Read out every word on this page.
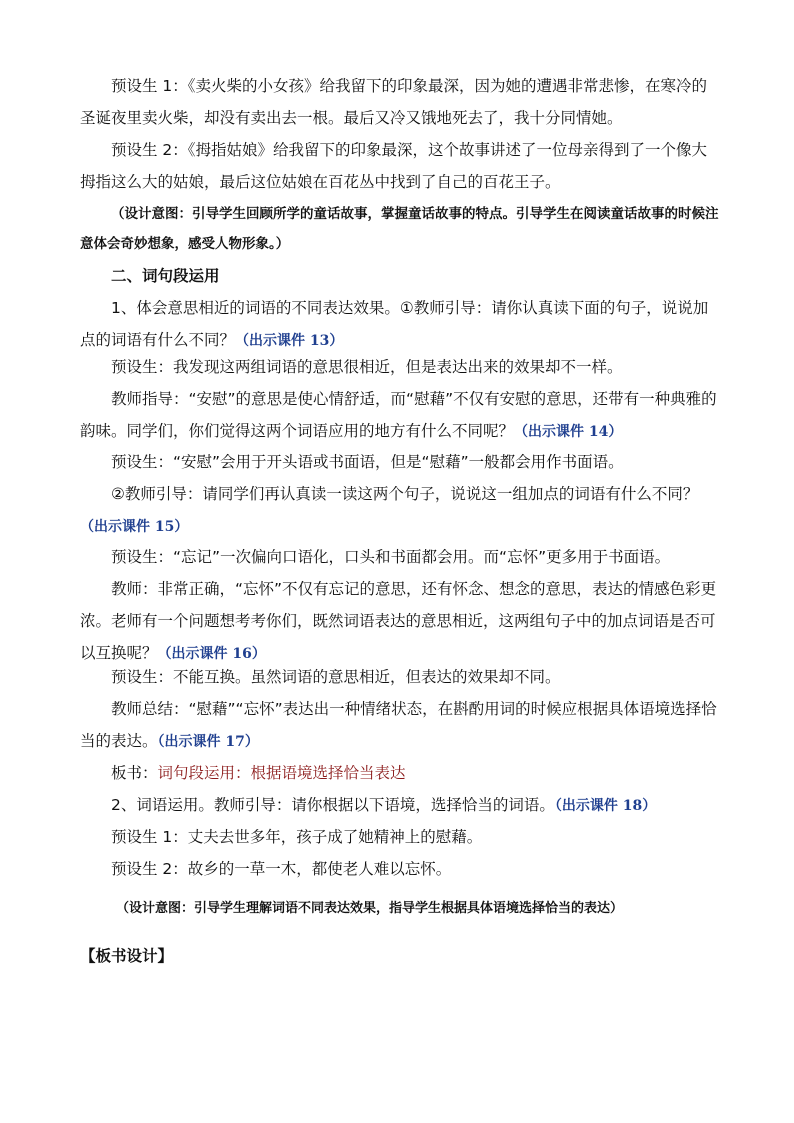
预设生 1：《卖火柴的小女孩》给我留下的印象最深，因为她的遭遇非常悲惨，在寒冷的圣诞夜里卖火柴，却没有卖出去一根。最后又冷又饿地死去了，我十分同情她。

预设生 2：《拇指姑娘》给我留下的印象最深，这个故事讲述了一位母亲得到了一个像大拇指这么大的姑娘，最后这位姑娘在百花丛中找到了自己的百花王子。

（设计意图：引导学生回顾所学的童话故事，掌握童话故事的特点。引导学生在阅读童话故事的时候注意体会奇妙想象，感受人物形象。）

二、词句段运用

1、体会意思相近的词语的不同表达效果。①教师引导：请你认真读下面的句子，说说加点的词语有什么不同？（出示课件 13）

预设生：我发现这两组词语的意思很相近，但是表达出来的效果却不一样。

教师指导：“安慰”的意思是使心情舒适，而“慰藉”不仅有安慰的意思，还带有一种典雅的韵味。同学们，你们觉得这两个词语应用的地方有什么不同呢？（出示课件 14）

预设生：“安慰”会用于开头语或书面语，但是“慰藉”一般都会用作书面语。

②教师引导：请同学们再认真读一读这两个句子，说说这一组加点的词语有什么不同？（出示课件 15）

预设生：“忘记”一次偏向口语化，口头和书面都会用。而“忘怀”更多用于书面语。

教师：非常正确，“忘怀”不仅有忘记的意思，还有怀念、想念的意思，表达的情感色彩更浓。老师有一个问题想考考你们，既然词语表达的意思相近，这两组句子中的加点词语是否可以互换呢？（出示课件 16）

预设生：不能互换。虽然词语的意思相近，但表达的效果却不同。

教师总结：“慰藉”“忘怀”表达出一种情绪状态，在斟酌用词的时候应根据具体语境选择恰当的表达。（出示课件 17）

板书：词句段运用：根据语境选择恰当表达

2、词语运用。教师引导：请你根据以下语境，选择恰当的词语。（出示课件 18）

预设生 1：丈夫去世多年，孩子成了她精神上的慰藉。

预设生 2：故乡的一草一木，都使老人难以忘怀。

（设计意图：引导学生理解词语不同表达效果，指导学生根据具体语境选择恰当的表达）

【板书设计】
